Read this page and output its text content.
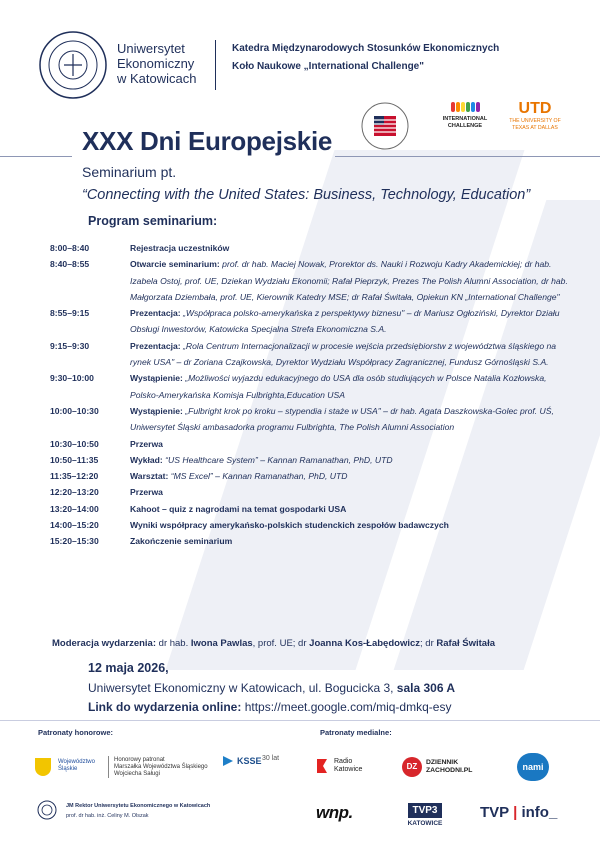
Uniwersytet
Ekonomiczny
w Katowicach
Katedra Międzynarodowych Stosunków Ekonomicznych
Koło Naukowe „International Challenge"
INTERNATIONAL CHALLENGE
UTD
THE UNIVERSITY OF TEXAS AT DALLAS
XXX Dni Europejskie
Seminarium pt.
“Connecting with the United States: Business, Technology, Education”
Program seminarium:
8:00–8:40	Rejestracja uczestników
8:40–8:55	Otwarcie seminarium: prof. dr hab. Maciej Nowak, Prorektor ds. Nauki i Rozwoju Kadry Akademickiej; dr hab. Izabela Ostoj, prof. UE, Dziekan Wydziału Ekonomii; Rafał Pieprzyk, Prezes The Polish Alumni Association, dr hab. Małgorzata Dziembała, prof. UE, Kierownik Katedry MSE; dr Rafał Świtała, Opiekun KN „International Challenge"
8:55–9:15	Prezentacja: „Współpraca polsko-amerykańska z perspektywy biznesu" – dr Mariusz Ogłoziński, Dyrektor Działu Obsługi Inwestorów, Katowicka Specjalna Strefa Ekonomiczna S.A.
9:15–9:30	Prezentacja: „Rola Centrum Internacjonalizacji w procesie wejścia przedsiębiorstw z województwa śląskiego na rynek USA" – dr Zoriana Czajkowska, Dyrektor Wydziału Współpracy Zagranicznej, Fundusz Górnośląski S.A.
9:30–10:00	Wystąpienie: „Możliwości wyjazdu edukacyjnego do USA dla osób studiujących w Polsce Natalia Kozłowska, Polsko-Amerykańska Komisja Fulbrighta,Education USA
10:00–10:30	Wystąpienie: „Fulbright krok po kroku – stypendia i staże w USA" – dr hab. Agata Daszkowska-Golec prof. UŚ, Uniwersytet Śląski ambasadorka programu Fulbrighta, The Polish Alumni Association
10:30–10:50	Przerwa
10:50–11:35	Wykład: “US Healthcare System” – Kannan Ramanathan, PhD, UTD
11:35–12:20	Warsztat: “MS Excel” – Kannan Ramanathan, PhD, UTD
12:20–13:20	Przerwa
13:20–14:00	Kahoot – quiz z nagrodami na temat gospodarki USA
14:00–15:20	Wyniki współpracy amerykańsko-polskich studenckich zespołów badawczych
15:20–15:30	Zakończenie seminarium
Moderacja wydarzenia: dr hab. Iwona Pawlas, prof. UE; dr Joanna Kos-Łabędowicz; dr Rafał Świtała
12 maja 2026,
Uniwersytet Ekonomiczny w Katowicach, ul. Bogucicka 3, sala 306 A
Link do wydarzenia online: https://meet.google.com/miq-dmkq-esy
Patronaty honorowe:	Patronaty medialne:
Województwo
Śląskie
Honorowy patronat
Marszałka Województwa Śląskiego
Wojciecha Saługi
KSSE 30 lat
JM Rektor Uniwersytetu Ekonomicznego w Katowicach
prof. dr hab. inż. Celiny M. Olszak
Radio
Katowice	DZ	DZIENNIK
ZACHODNI.PL	nami
wnp.	TVP3
KATOWICE
TVP | info_
